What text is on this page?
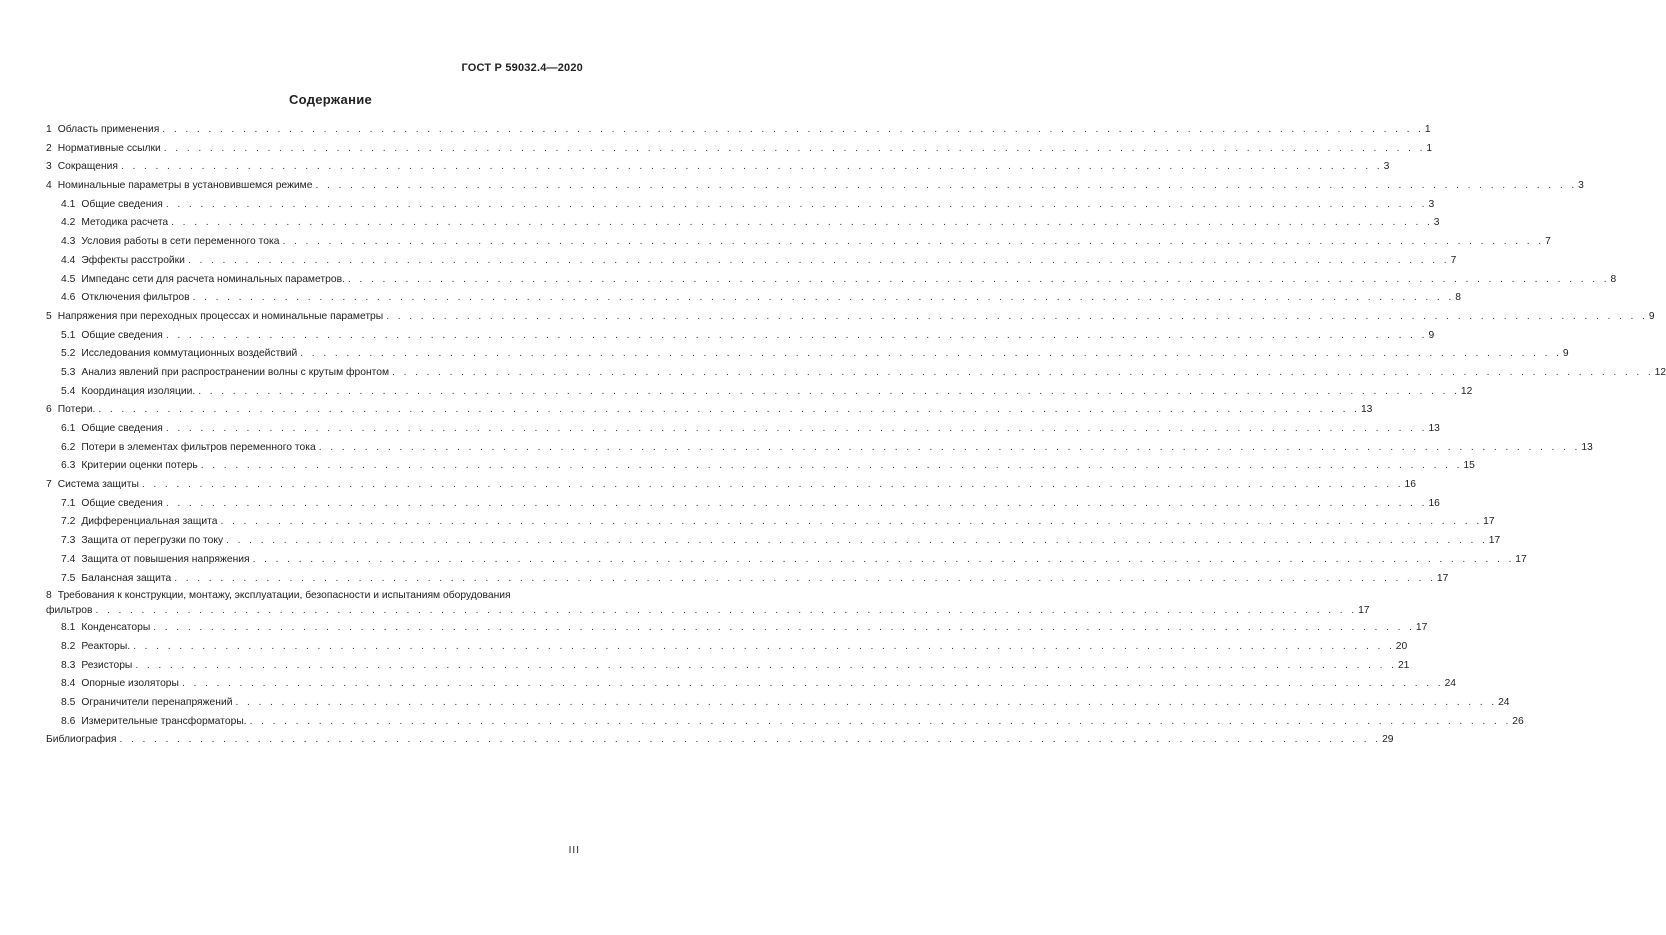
ГОСТ Р 59032.4—2020
Содержание
1 Область применения . . . . . . . . . . . . . . . . . . . . . . . . . . . . . . . . . . . . . . . . . . . . . . . . . . . . . . . . . . . . . . . . . . . . . . . . . . . . . . . . . . . . . . . . . . . . . . . . . . . . . . . . . . . . . . 1
2 Нормативные ссылки . . . . . . . . . . . . . . . . . . . . . . . . . . . . . . . . . . . . . . . . . . . . . . . . . . . . . . . . . . . . . . . . . . . . . . . . . . . . . . . . . . . . . . . . . . . . . . . . . . . . . . . . . . . . . . 1
3 Сокращения . . . . . . . . . . . . . . . . . . . . . . . . . . . . . . . . . . . . . . . . . . . . . . . . . . . . . . . . . . . . . . . . . . . . . . . . . . . . . . . . . . . . . . . . . . . . . . . . . . . . . . . . . . . . . . 3
4 Номинальные параметры в установившемся режиме . . . . . . . . . . . . . . . . . . . . . . . . . . . . . . . . . . . . . . . . . . . . . . . . . . . . . . . . . . . . . . . . . . . . . . . . . . . . . . . . . . . . . . . . . . . . . . . . . . . . . . . . . . . . . . 3
4.1 Общие сведения . . . . . . . . . . . . . . . . . . . . . . . . . . . . . . . . . . . . . . . . . . . . . . . . . . . . . . . . . . . . . . . . . . . . . . . . . . . . . . . . . . . . . . . . . . . . . . . . . . . . . . . . . . . . . . 3
4.2 Методика расчета . . . . . . . . . . . . . . . . . . . . . . . . . . . . . . . . . . . . . . . . . . . . . . . . . . . . . . . . . . . . . . . . . . . . . . . . . . . . . . . . . . . . . . . . . . . . . . . . . . . . . . . . . . . . . . 3
4.3 Условия работы в сети переменного тока . . . . . . . . . . . . . . . . . . . . . . . . . . . . . . . . . . . . . . . . . . . . . . . . . . . . . . . . . . . . . . . . . . . . . . . . . . . . . . . . . . . . . . . . . . . . . . . . . . . . . . . . . . . . . . 7
4.4 Эффекты расстройки . . . . . . . . . . . . . . . . . . . . . . . . . . . . . . . . . . . . . . . . . . . . . . . . . . . . . . . . . . . . . . . . . . . . . . . . . . . . . . . . . . . . . . . . . . . . . . . . . . . . . . . . . . . . . . 7
4.5 Импеданс сети для расчета номинальных параметров. . . . . . . . . . . . . . . . . . . . . . . . . . . . . . . . . . . . . . . . . . . . . . . . . . . . . . . . . . . . . . . . . . . . . . . . . . . . . . . . . . . . . . . . . . . . . . . . . . . . . . . . . . . . . . . 8
4.6 Отключения фильтров . . . . . . . . . . . . . . . . . . . . . . . . . . . . . . . . . . . . . . . . . . . . . . . . . . . . . . . . . . . . . . . . . . . . . . . . . . . . . . . . . . . . . . . . . . . . . . . . . . . . . . . . . . . . . . 8
5 Напряжения при переходных процессах и номинальные параметры . . . . . . . . . . . . . . . . . . . . . . . . . . . . . . . . . . . . . . . . . . . . . . . . . . . . . . . . . . . . . . . . . . . . . . . . . . . . . . . . . . . . . . . . . . . . . . . . . . . . . . . . . . . . . . 9
5.1 Общие сведения . . . . . . . . . . . . . . . . . . . . . . . . . . . . . . . . . . . . . . . . . . . . . . . . . . . . . . . . . . . . . . . . . . . . . . . . . . . . . . . . . . . . . . . . . . . . . . . . . . . . . . . . . . . . . . 9
5.2 Исследования коммутационных воздействий . . . . . . . . . . . . . . . . . . . . . . . . . . . . . . . . . . . . . . . . . . . . . . . . . . . . . . . . . . . . . . . . . . . . . . . . . . . . . . . . . . . . . . . . . . . . . . . . . . . . . . . . . . . . . . 9
5.3 Анализ явлений при распространении волны с крутым фронтом . . . . . . . . . . . . . . . . . . . . . . . . . . . . . . . . . . . . . . . . . . . . . . . . . . . . . . . . . . . . . . . . . . . . . . . . . . . . . . . . . . . . . . . . . . . . . . . . . . . . . . . . . . . . . . 12
5.4 Координация изоляции. . . . . . . . . . . . . . . . . . . . . . . . . . . . . . . . . . . . . . . . . . . . . . . . . . . . . . . . . . . . . . . . . . . . . . . . . . . . . . . . . . . . . . . . . . . . . . . . . . . . . . . . . . . . . . . 12
6 Потери. . . . . . . . . . . . . . . . . . . . . . . . . . . . . . . . . . . . . . . . . . . . . . . . . . . . . . . . . . . . . . . . . . . . . . . . . . . . . . . . . . . . . . . . . . . . . . . . . . . . . . . . . . . . . . . 13
6.1 Общие сведения . . . . . . . . . . . . . . . . . . . . . . . . . . . . . . . . . . . . . . . . . . . . . . . . . . . . . . . . . . . . . . . . . . . . . . . . . . . . . . . . . . . . . . . . . . . . . . . . . . . . . . . . . . . . . . 13
6.2 Потери в элементах фильтров переменного тока . . . . . . . . . . . . . . . . . . . . . . . . . . . . . . . . . . . . . . . . . . . . . . . . . . . . . . . . . . . . . . . . . . . . . . . . . . . . . . . . . . . . . . . . . . . . . . . . . . . . . . . . . . . . . . 13
6.3 Критерии оценки потерь . . . . . . . . . . . . . . . . . . . . . . . . . . . . . . . . . . . . . . . . . . . . . . . . . . . . . . . . . . . . . . . . . . . . . . . . . . . . . . . . . . . . . . . . . . . . . . . . . . . . . . . . . . . . . . 15
7 Система защиты . . . . . . . . . . . . . . . . . . . . . . . . . . . . . . . . . . . . . . . . . . . . . . . . . . . . . . . . . . . . . . . . . . . . . . . . . . . . . . . . . . . . . . . . . . . . . . . . . . . . . . . . . . . . . . 16
7.1 Общие сведения . . . . . . . . . . . . . . . . . . . . . . . . . . . . . . . . . . . . . . . . . . . . . . . . . . . . . . . . . . . . . . . . . . . . . . . . . . . . . . . . . . . . . . . . . . . . . . . . . . . . . . . . . . . . . . 16
7.2 Дифференциальная защита . . . . . . . . . . . . . . . . . . . . . . . . . . . . . . . . . . . . . . . . . . . . . . . . . . . . . . . . . . . . . . . . . . . . . . . . . . . . . . . . . . . . . . . . . . . . . . . . . . . . . . . . . . . . . . 17
7.3 Защита от перегрузки по току . . . . . . . . . . . . . . . . . . . . . . . . . . . . . . . . . . . . . . . . . . . . . . . . . . . . . . . . . . . . . . . . . . . . . . . . . . . . . . . . . . . . . . . . . . . . . . . . . . . . . . . . . . . . . . 17
7.4 Защита от повышения напряжения . . . . . . . . . . . . . . . . . . . . . . . . . . . . . . . . . . . . . . . . . . . . . . . . . . . . . . . . . . . . . . . . . . . . . . . . . . . . . . . . . . . . . . . . . . . . . . . . . . . . . . . . . . . . . . 17
7.5 Балансная защита . . . . . . . . . . . . . . . . . . . . . . . . . . . . . . . . . . . . . . . . . . . . . . . . . . . . . . . . . . . . . . . . . . . . . . . . . . . . . . . . . . . . . . . . . . . . . . . . . . . . . . . . . . . . . . 17
8 Требования к конструкции, монтажу, эксплуатации, безопасности и испытаниям оборудования
фильтров . . . . . . . . . . . . . . . . . . . . . . . . . . . . . . . . . . . . . . . . . . . . . . . . . . . . . . . . . . . . . . . . . . . . . . . . . . . . . . . . . . . . . . . . . . . . . . . . . . . . . . . . . . . . . . 17
8.1 Конденсаторы . . . . . . . . . . . . . . . . . . . . . . . . . . . . . . . . . . . . . . . . . . . . . . . . . . . . . . . . . . . . . . . . . . . . . . . . . . . . . . . . . . . . . . . . . . . . . . . . . . . . . . . . . . . . . . 17
8.2 Реакторы. . . . . . . . . . . . . . . . . . . . . . . . . . . . . . . . . . . . . . . . . . . . . . . . . . . . . . . . . . . . . . . . . . . . . . . . . . . . . . . . . . . . . . . . . . . . . . . . . . . . . . . . . . . . . . . 20
8.3 Резисторы . . . . . . . . . . . . . . . . . . . . . . . . . . . . . . . . . . . . . . . . . . . . . . . . . . . . . . . . . . . . . . . . . . . . . . . . . . . . . . . . . . . . . . . . . . . . . . . . . . . . . . . . . . . . . . 21
8.4 Опорные изоляторы . . . . . . . . . . . . . . . . . . . . . . . . . . . . . . . . . . . . . . . . . . . . . . . . . . . . . . . . . . . . . . . . . . . . . . . . . . . . . . . . . . . . . . . . . . . . . . . . . . . . . . . . . . . . . . 24
8.5 Ограничители перенапряжений . . . . . . . . . . . . . . . . . . . . . . . . . . . . . . . . . . . . . . . . . . . . . . . . . . . . . . . . . . . . . . . . . . . . . . . . . . . . . . . . . . . . . . . . . . . . . . . . . . . . . . . . . . . . . . 24
8.6 Измерительные трансформаторы. . . . . . . . . . . . . . . . . . . . . . . . . . . . . . . . . . . . . . . . . . . . . . . . . . . . . . . . . . . . . . . . . . . . . . . . . . . . . . . . . . . . . . . . . . . . . . . . . . . . . . . . . . . . . . . 26
Библиография . . . . . . . . . . . . . . . . . . . . . . . . . . . . . . . . . . . . . . . . . . . . . . . . . . . . . . . . . . . . . . . . . . . . . . . . . . . . . . . . . . . . . . . . . . . . . . . . . . . . . . . . . . . . . . 29
III
